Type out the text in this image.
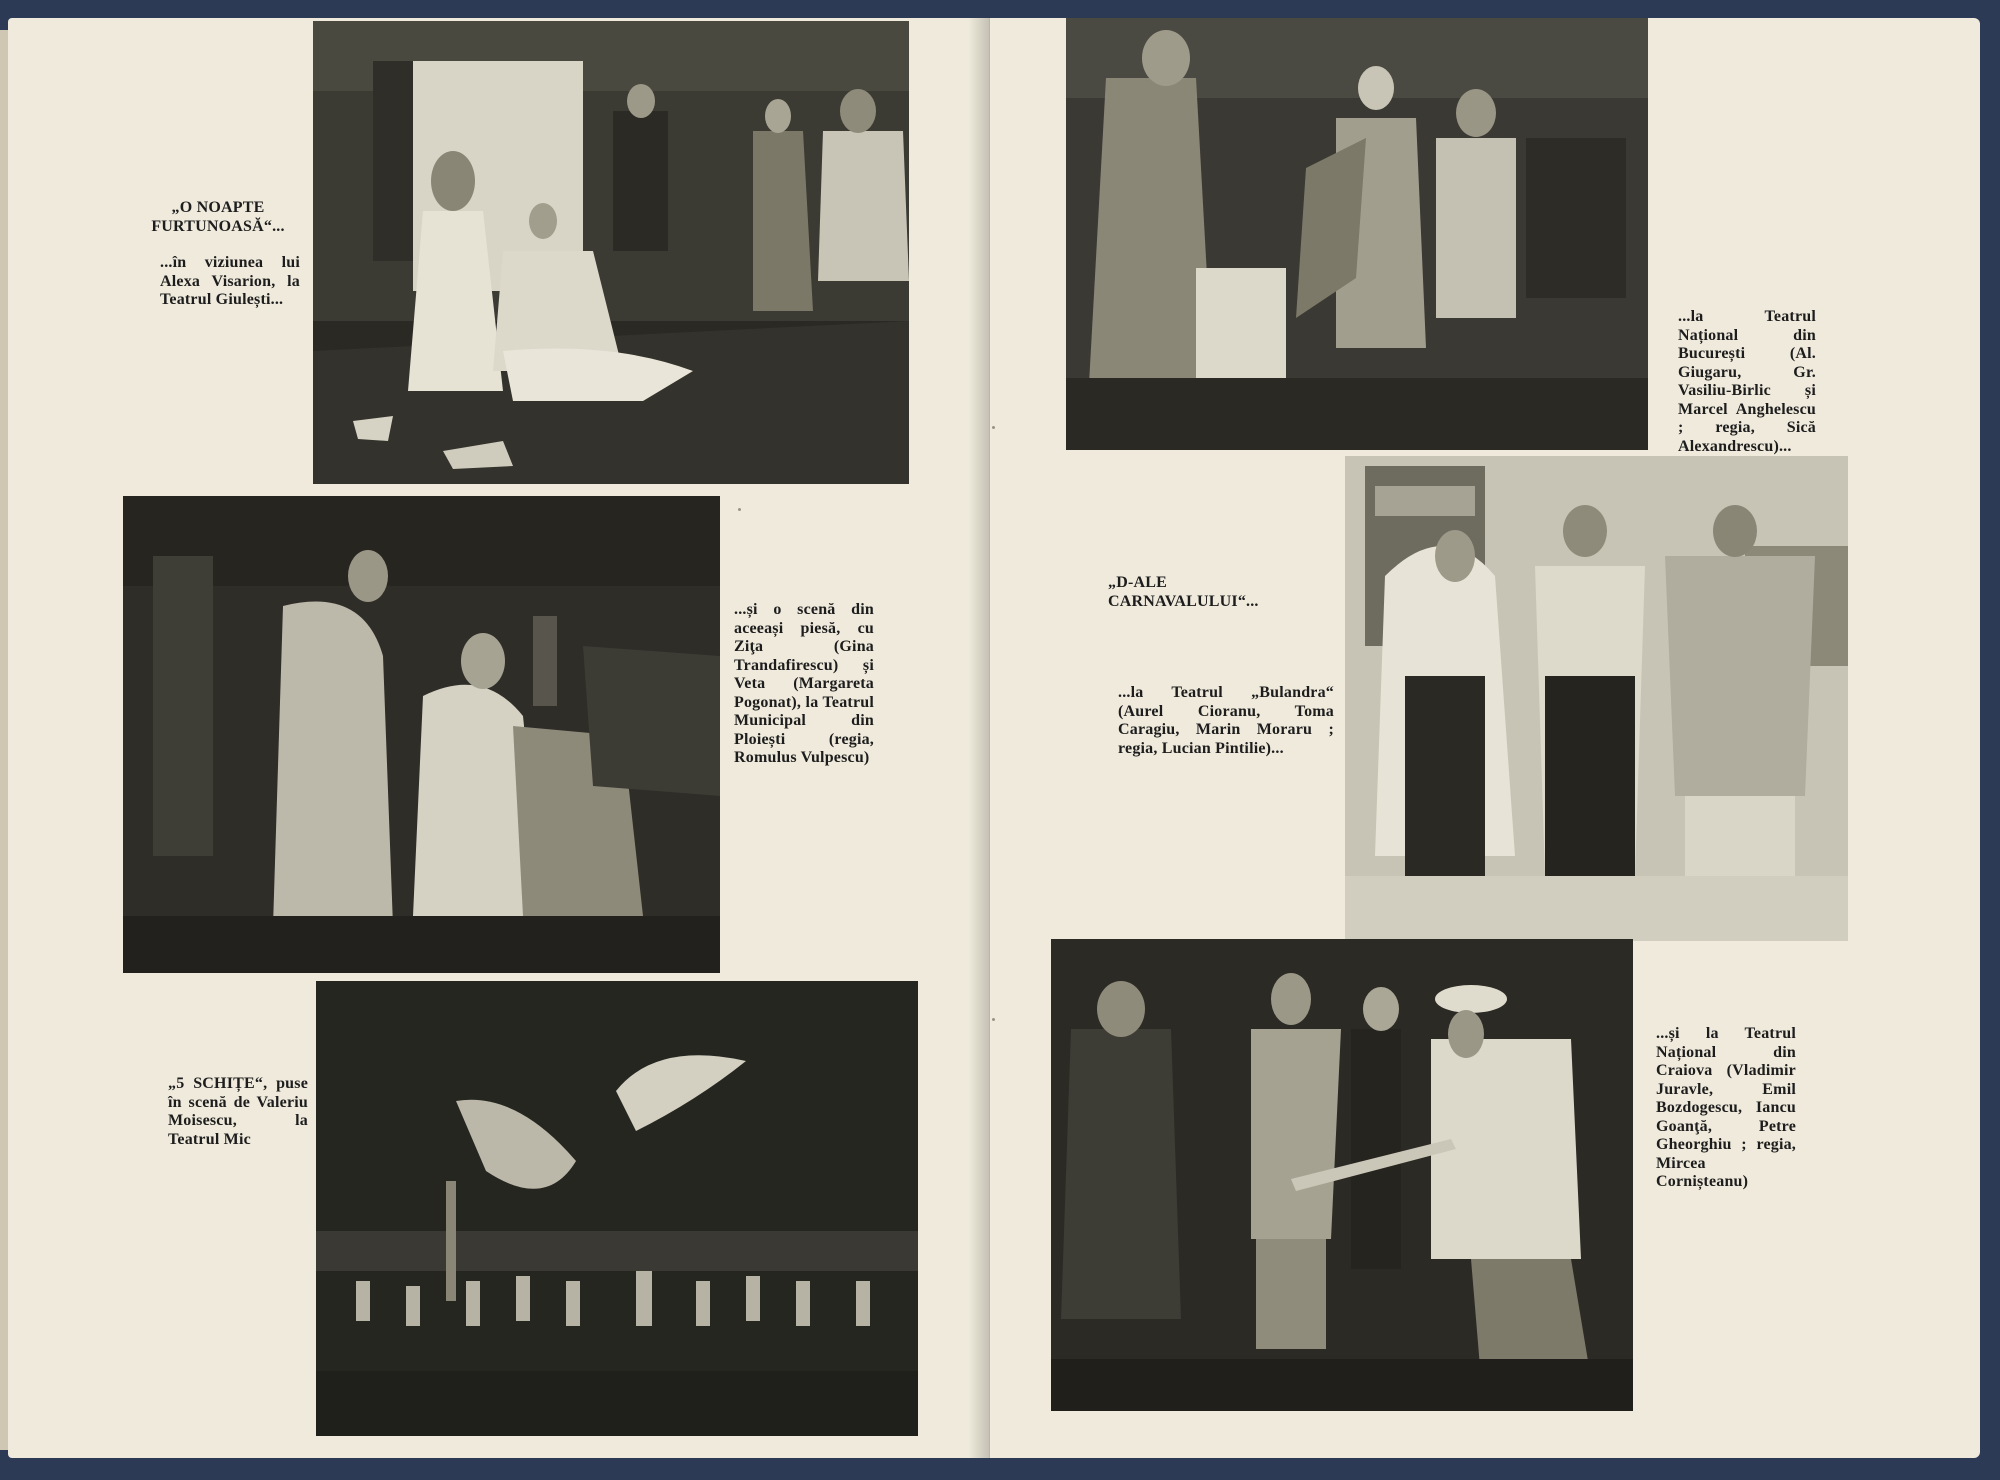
„O NOAPTE FURTUNOASĂ“...

...în viziunea lui Alexa Visarion, la Teatrul Giulești...

...și o scenă din aceeași piesă, cu Ziţa (Gina Trandafirescu) și Veta (Margareta Pogonat), la Teatrul Municipal din Ploiești (regia, Romulus Vulpescu)

„5 SCHIȚE“, puse în scenă de Valeriu Moisescu, la Teatrul Mic

...la Teatrul Național din București (Al. Giugaru, Gr. Vasiliu-Birlic și Marcel Anghelescu ; regia, Sică Alexandrescu)...

„D-ALE CARNAVALULUI“...

...la Teatrul „Bulandra“ (Aurel Cioranu, Toma Caragiu, Marin Moraru ; regia, Lucian Pintilie)...

...și la Teatrul Național din Craiova (Vladimir Juravle, Emil Bozdogescu, Iancu Goanţă, Petre Gheorghiu ; regia, Mircea Cornișteanu)
